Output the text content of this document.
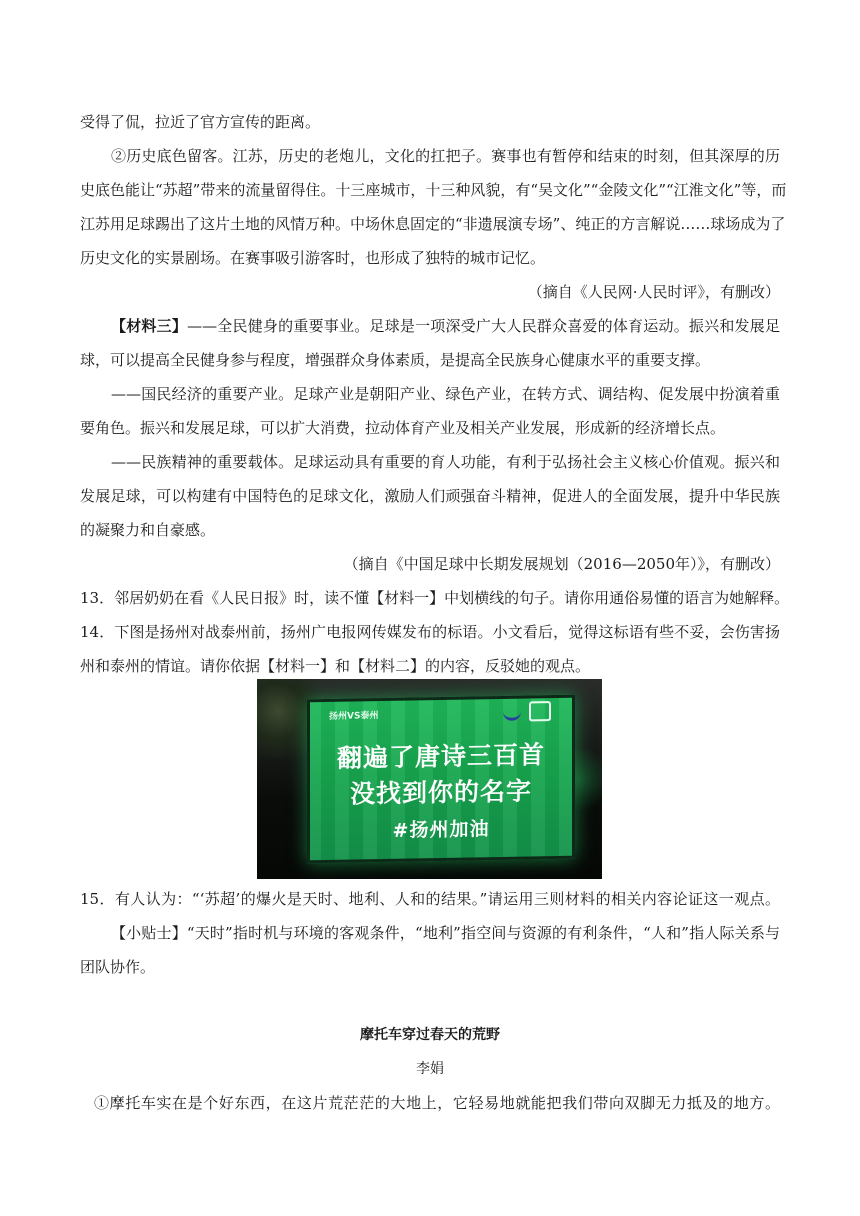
受得了侃，拉近了官方宣传的距离。
②历史底色留客。江苏，历史的老炮儿，文化的扛把子。赛事也有暂停和结束的时刻，但其深厚的历
史底色能让“苏超”带来的流量留得住。十三座城市，十三种风貌，有“吴文化”“金陵文化”“江淮文化”等，而
江苏用足球踢出了这片土地的风情万种。中场休息固定的“非遗展演专场”、纯正的方言解说……球场成为了
历史文化的实景剧场。在赛事吸引游客时，也形成了独特的城市记忆。
（摘自《人民网·人民时评》，有删改）
【材料三】——全民健身的重要事业。足球是一项深受广大人民群众喜爱的体育运动。振兴和发展足
球，可以提高全民健身参与程度，增强群众身体素质，是提高全民族身心健康水平的重要支撑。
——国民经济的重要产业。足球产业是朝阳产业、绿色产业，在转方式、调结构、促发展中扮演着重
要角色。振兴和发展足球，可以扩大消费，拉动体育产业及相关产业发展，形成新的经济增长点。
——民族精神的重要载体。足球运动具有重要的育人功能，有利于弘扬社会主义核心价值观。振兴和
发展足球，可以构建有中国特色的足球文化，激励人们顽强奋斗精神，促进人的全面发展，提升中华民族
的凝聚力和自豪感。
（摘自《中国足球中长期发展规划（2016—2050年）》，有删改）
13．邻居奶奶在看《人民日报》时，读不懂【材料一】中划横线的句子。请你用通俗易懂的语言为她解释。
14．下图是扬州对战泰州前，扬州广电报网传媒发布的标语。小文看后，觉得这标语有些不妥，会伤害扬
州和泰州的情谊。请你依据【材料一】和【材料二】的内容，反驳她的观点。
扬州VS泰州
翻遍了唐诗三百首
没找到你的名字
#扬州加油
15．有人认为：“‘苏超’的爆火是天时、地利、人和的结果。”请运用三则材料的相关内容论证这一观点。
【小贴士】“天时”指时机与环境的客观条件，“地利”指空间与资源的有利条件，“人和”指人际关系与
团队协作。
摩托车穿过春天的荒野
李娟
①摩托车实在是个好东西，在这片荒茫茫的大地上，它轻易地就能把我们带向双脚无力抵及的地方。
